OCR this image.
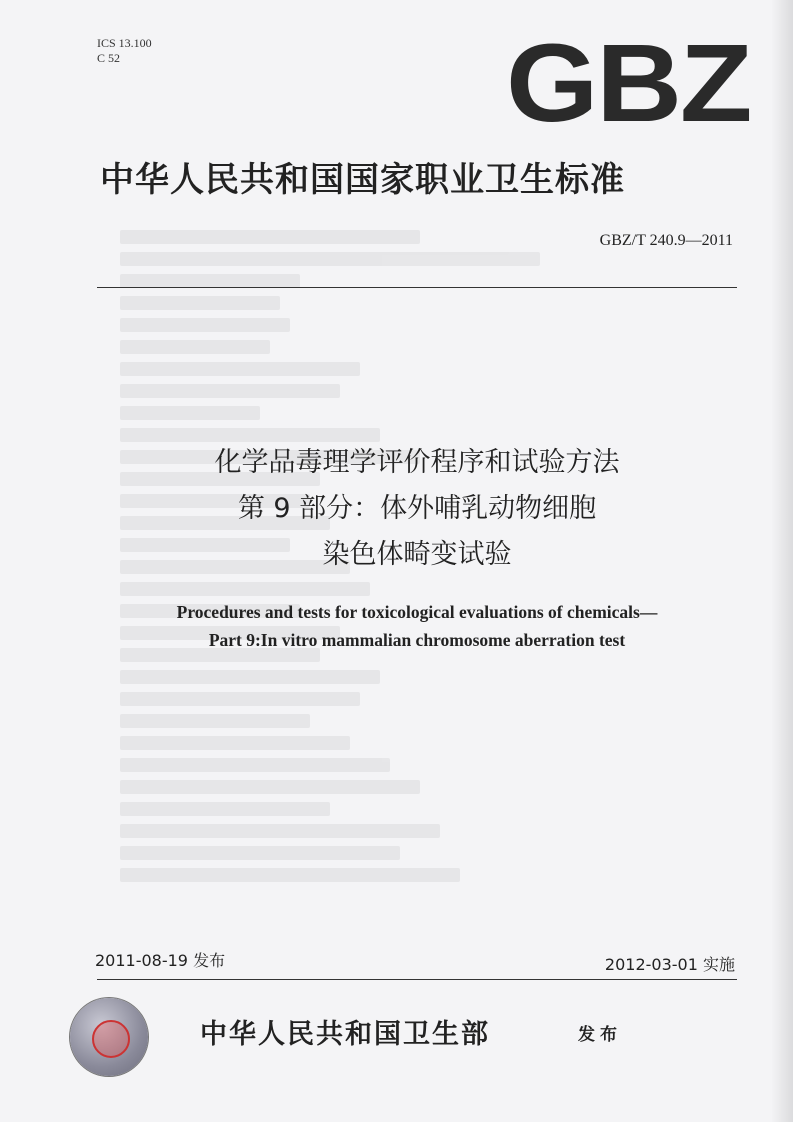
ICS 13.100
C 52	GBZ
中华人民共和国国家职业卫生标准
GBZ/T 240.9—2011
化学品毒理学评价程序和试验方法
第 9 部分：体外哺乳动物细胞
染色体畸变试验
Procedures and tests for toxicological evaluations of chemicals—
Part 9:In vitro mammalian chromosome aberration test
2011-08-19 发布	2012-03-01 实施
中华人民共和国卫生部	发布
